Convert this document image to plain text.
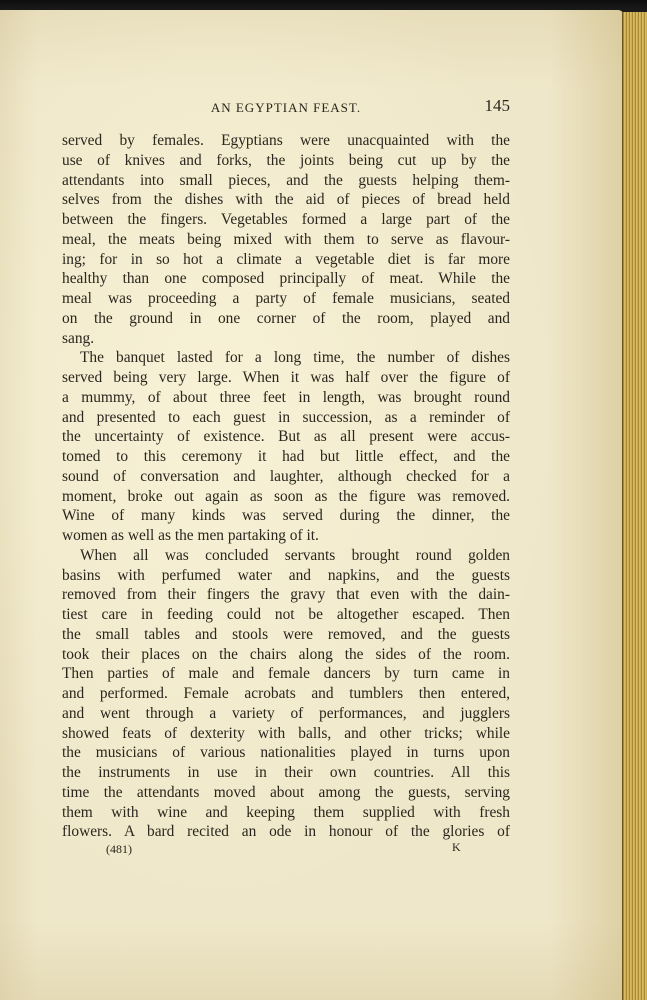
AN EGYPTIAN FEAST.	145
served by females. Egyptians were unacquainted with the
use of knives and forks, the joints being cut up by the
attendants into small pieces, and the guests helping them-
selves from the dishes with the aid of pieces of bread held
between the fingers. Vegetables formed a large part of the
meal, the meats being mixed with them to serve as flavour-
ing; for in so hot a climate a vegetable diet is far more
healthy than one composed principally of meat. While the
meal was proceeding a party of female musicians, seated
on the ground in one corner of the room, played and
sang.
The banquet lasted for a long time, the number of dishes
served being very large. When it was half over the figure of
a mummy, of about three feet in length, was brought round
and presented to each guest in succession, as a reminder of
the uncertainty of existence. But as all present were accus-
tomed to this ceremony it had but little effect, and the
sound of conversation and laughter, although checked for a
moment, broke out again as soon as the figure was removed.
Wine of many kinds was served during the dinner, the
women as well as the men partaking of it.
When all was concluded servants brought round golden
basins with perfumed water and napkins, and the guests
removed from their fingers the gravy that even with the dain-
tiest care in feeding could not be altogether escaped. Then
the small tables and stools were removed, and the guests
took their places on the chairs along the sides of the room.
Then parties of male and female dancers by turn came in
and performed. Female acrobats and tumblers then entered,
and went through a variety of performances, and jugglers
showed feats of dexterity with balls, and other tricks; while
the musicians of various nationalities played in turns upon
the instruments in use in their own countries. All this
time the attendants moved about among the guests, serving
them with wine and keeping them supplied with fresh
flowers. A bard recited an ode in honour of the glories of
(481)	K
